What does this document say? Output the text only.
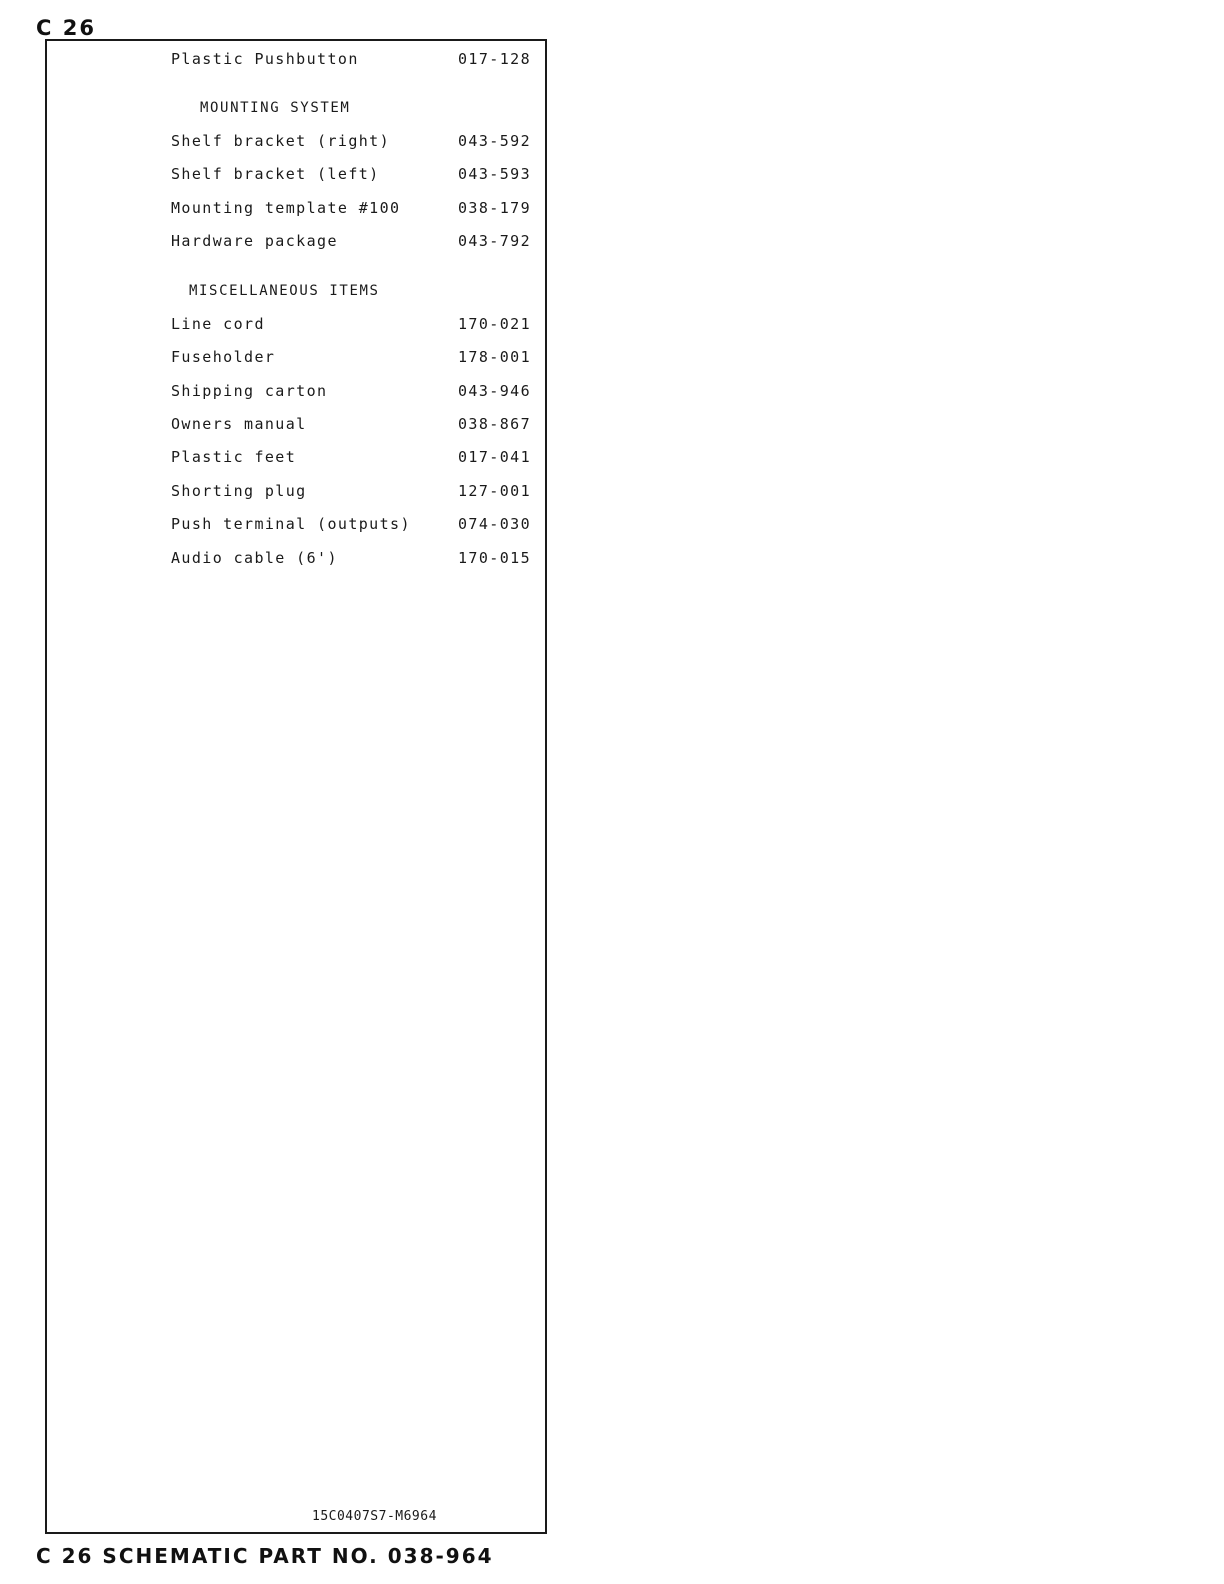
C 26
Plastic Pushbutton	017-128
MOUNTING SYSTEM
Shelf bracket (right)	043-592
Shelf bracket (left)	043-593
Mounting template #100	038-179
Hardware package	043-792
MISCELLANEOUS ITEMS
Line cord	170-021
Fuseholder	178-001
Shipping carton	043-946
Owners manual	038-867
Plastic feet	017-041
Shorting plug	127-001
Push terminal (outputs)	074-030
Audio cable (6')	170-015
15C0407S7-M6964
C 26 SCHEMATIC PART NO. 038-964
